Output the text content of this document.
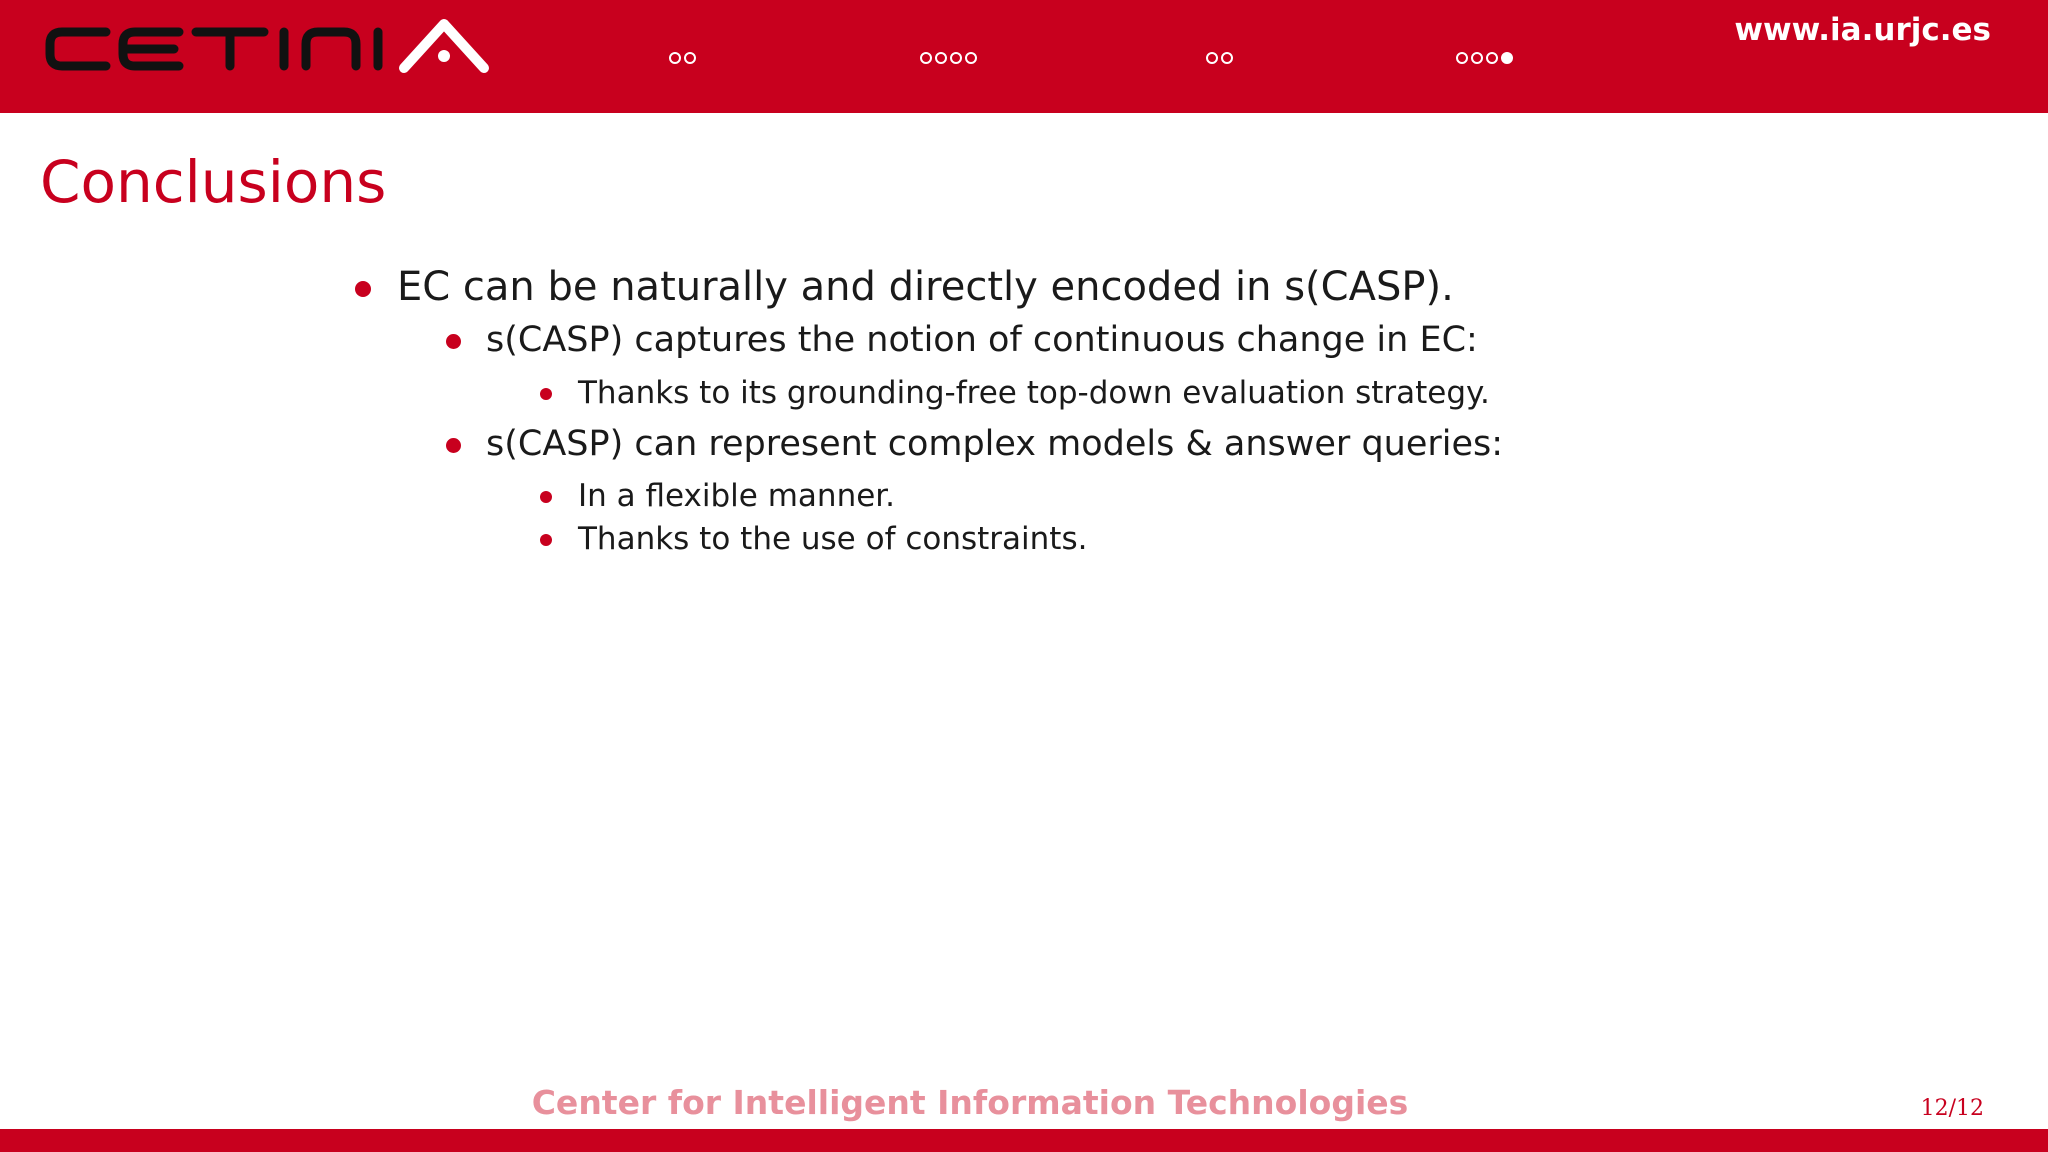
www.ia.urjc.es
Conclusions
EC can be naturally and directly encoded in s(CASP).
s(CASP) captures the notion of continuous change in EC:
Thanks to its grounding-free top-down evaluation strategy.
s(CASP) can represent complex models & answer queries:
In a flexible manner.
Thanks to the use of constraints.
Center for Intelligent Information Technologies	12/12
